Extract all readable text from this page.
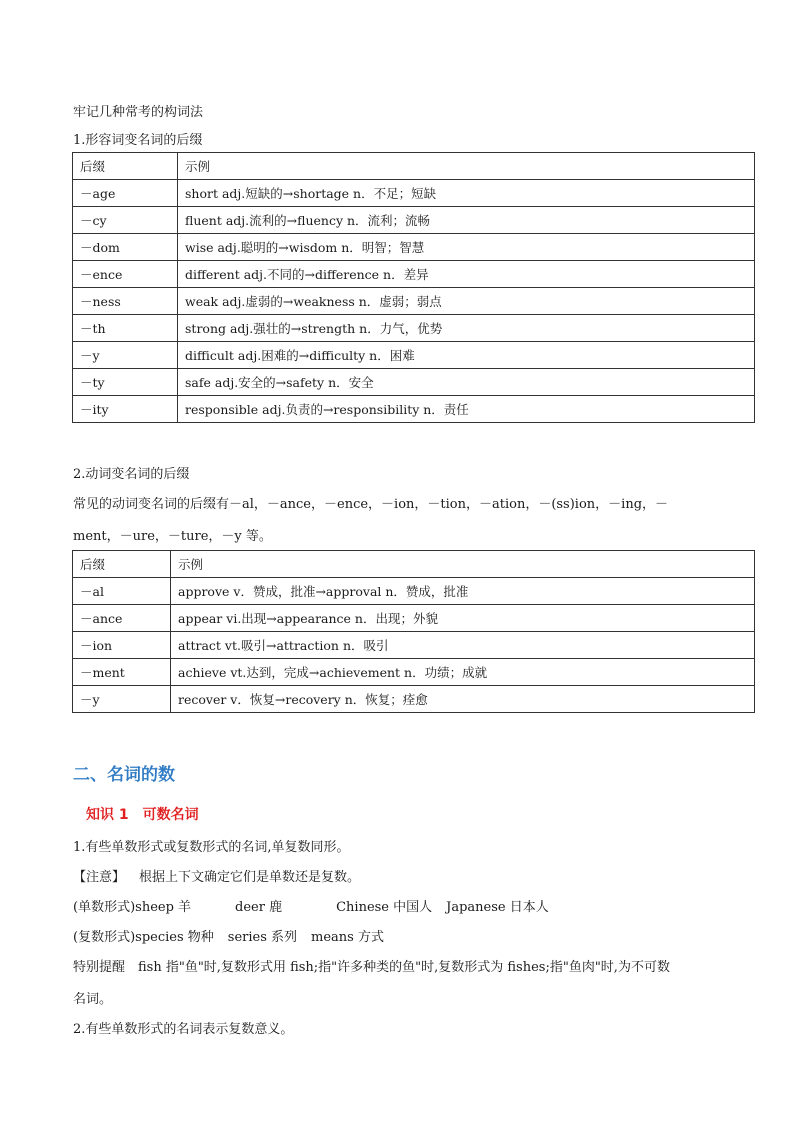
牢记几种常考的构词法
1.形容词变名词的后缀
后缀	示例
－age	short adj.短缺的→shortage n．不足；短缺
－cy	fluent adj.流利的→fluency n．流利；流畅
－dom	wise adj.聪明的→wisdom n．明智；智慧
－ence	different adj.不同的→difference n．差异
－ness	weak adj.虚弱的→weakness n．虚弱；弱点
－th	strong adj.强壮的→strength n．力气，优势
－y	difficult adj.困难的→difficulty n．困难
－ty	safe adj.安全的→safety n．安全
－ity	responsible adj.负责的→responsibility n．责任
2.动词变名词的后缀
常见的动词变名词的后缀有－al，－ance，－ence，－ion，－tion，－ation，－(ss)ion，－ing，－
ment，－ure，－ture，－y 等。
后缀	示例
－al	approve v．赞成，批准→approval n．赞成，批准
－ance	appear vi.出现→appearance n．出现；外貌
－ion	attract vt.吸引→attraction n．吸引
－ment	achieve vt.达到，完成→achievement n．功绩；成就
－y	recover v．恢复→recovery n．恢复；痊愈
二、名词的数
知识 1　可数名词
1.有些单数形式或复数形式的名词,单复数同形。
【注意】 根据上下文确定它们是单数还是复数。
(单数形式)sheep 羊	deer 鹿	Chinese 中国人 Japanese 日本人
(复数形式)species 物种 series 系列 means 方式
特别提醒　fish 指"鱼"时,复数形式用 fish;指"许多种类的鱼"时,复数形式为 fishes;指"鱼肉"时,为不可数
名词。
2.有些单数形式的名词表示复数意义。
